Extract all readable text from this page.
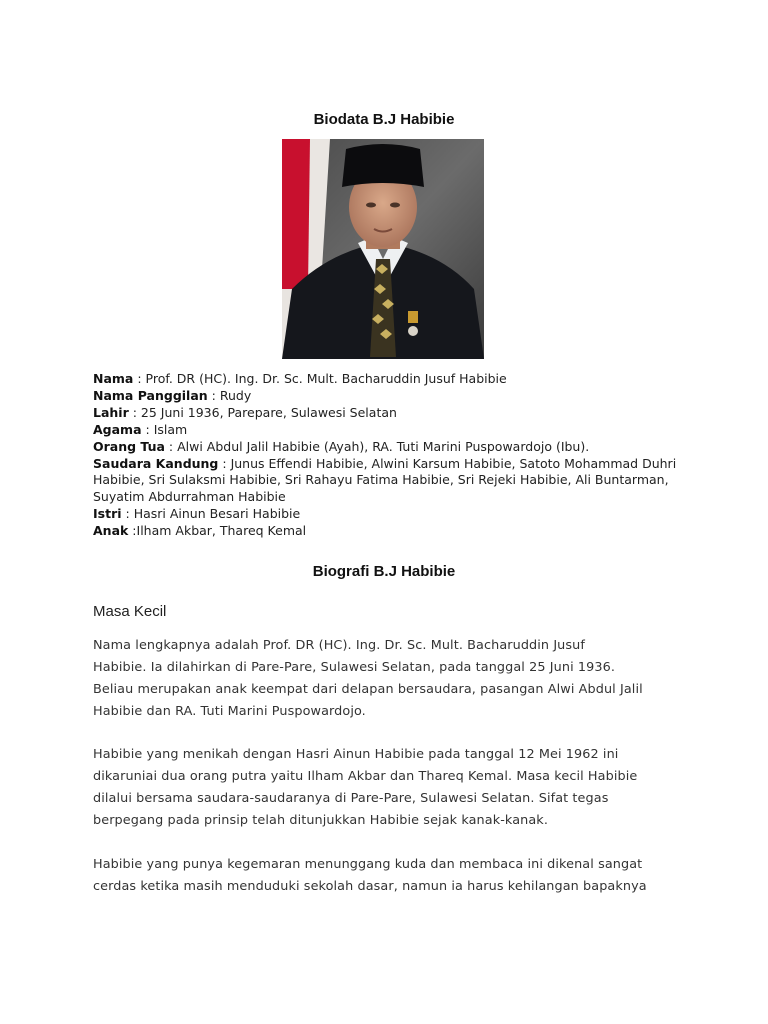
Biodata B.J Habibie
Nama : Prof. DR (HC). Ing. Dr. Sc. Mult. Bacharuddin Jusuf Habibie
Nama Panggilan : Rudy
Lahir : 25 Juni 1936, Parepare, Sulawesi Selatan
Agama : Islam
Orang Tua : Alwi Abdul Jalil Habibie (Ayah), RA. Tuti Marini Puspowardojo (Ibu).
Saudara Kandung : Junus Effendi Habibie, Alwini Karsum Habibie, Satoto Mohammad Duhri Habibie, Sri Sulaksmi Habibie, Sri Rahayu Fatima Habibie, Sri Rejeki Habibie, Ali Buntarman, Suyatim Abdurrahman Habibie
Istri : Hasri Ainun Besari Habibie
Anak :Ilham Akbar, Thareq Kemal
Biografi B.J Habibie
Masa Kecil

Nama lengkapnya adalah Prof. DR (HC). Ing. Dr. Sc. Mult. Bacharuddin Jusuf
Habibie. Ia dilahirkan di Pare-Pare, Sulawesi Selatan, pada tanggal 25 Juni 1936.
Beliau merupakan anak keempat dari delapan bersaudara, pasangan Alwi Abdul Jalil
Habibie dan RA. Tuti Marini Puspowardojo.

Habibie yang menikah dengan Hasri Ainun Habibie pada tanggal 12 Mei 1962 ini
dikaruniai dua orang putra yaitu Ilham Akbar dan Thareq Kemal. Masa kecil Habibie
dilalui bersama saudara-saudaranya di Pare-Pare, Sulawesi Selatan. Sifat tegas
berpegang pada prinsip telah ditunjukkan Habibie sejak kanak-kanak.

Habibie yang punya kegemaran menunggang kuda dan membaca ini dikenal sangat
cerdas ketika masih menduduki sekolah dasar, namun ia harus kehilangan bapaknya
